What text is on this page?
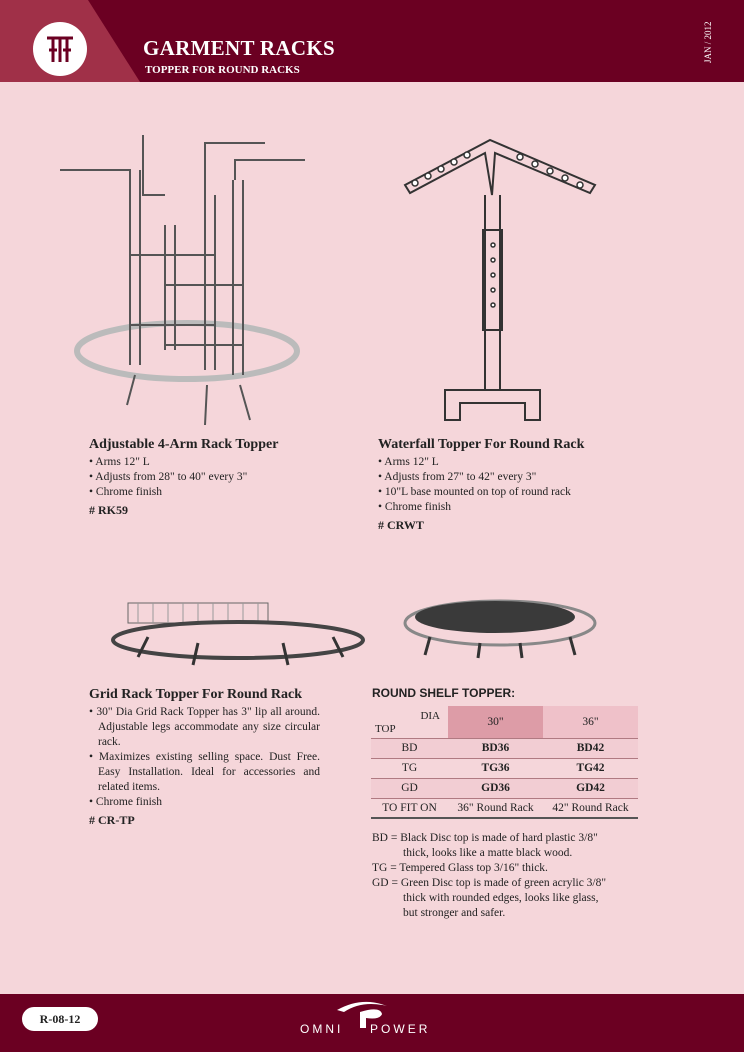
GARMENT RACKS
TOPPER FOR ROUND RACKS
JAN / 2012
Adjustable 4-Arm Rack Topper
• Arms 12" L
• Adjusts from 28" to 40" every 3"
• Chrome finish
# RK59
Waterfall Topper For Round Rack
• Arms 12" L
• Adjusts from 27" to 42" every 3"
• 10"L base mounted on top of round rack
• Chrome finish
# CRWT
Grid Rack Topper For Round Rack
• 30" Dia Grid Rack Topper has 3" lip all around. Adjustable legs accommodate any size circular rack.
• Maximizes existing selling space. Dust Free. Easy Installation. Ideal for accessories and related items.
• Chrome finish
# CR-TP
ROUND SHELF TOPPER:
DIA
TOP	30"	36"
BD	BD36	BD42
TG	TG36	TG42
GD	GD36	GD42
TO FIT ON	36" Round Rack	42" Round Rack
BD = Black Disc top is made of hard plastic 3/8"
thick, looks like a matte black wood.
TG = Tempered Glass top 3/16" thick.
GD = Green Disc top is made of green acrylic 3/8"
thick with rounded edges, looks like glass,
but stronger and safer.
R-08-12
OMNI POWER
